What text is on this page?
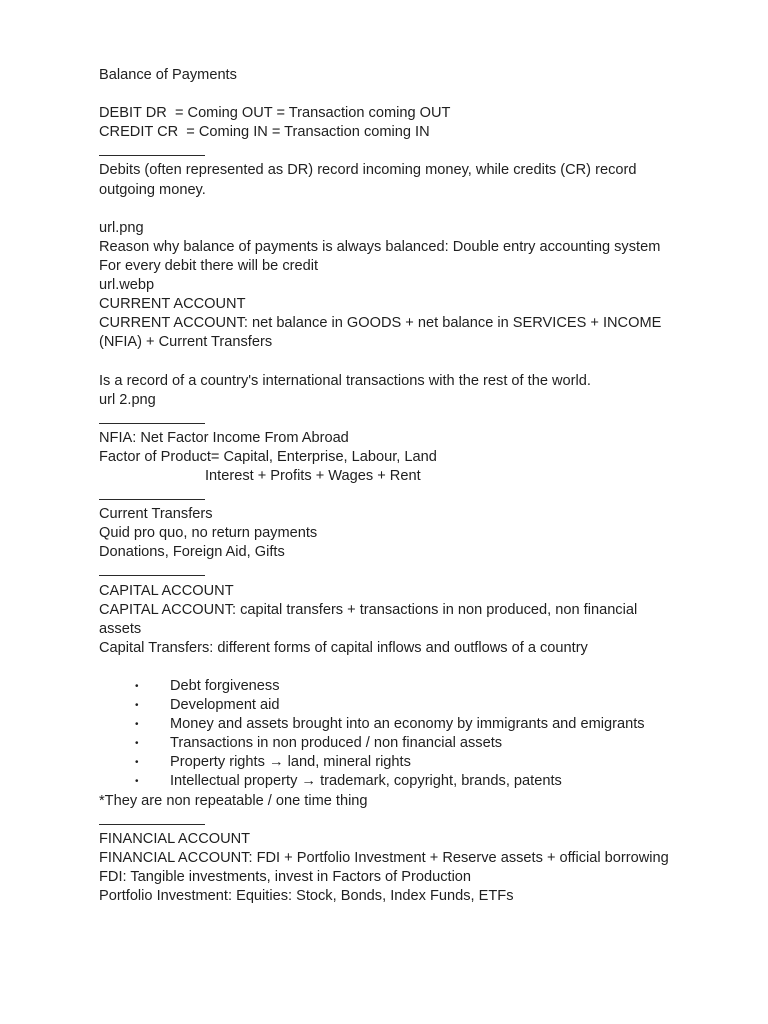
Balance of Payments
DEBIT DR  = Coming OUT = Transaction coming OUT
CREDIT CR  = Coming IN = Transaction coming IN
Debits (often represented as DR) record incoming money, while credits (CR) record outgoing money.
url.png
Reason why balance of payments is always balanced: Double entry accounting system
For every debit there will be credit
url.webp
CURRENT ACCOUNT
CURRENT ACCOUNT: net balance in GOODS + net balance in SERVICES + INCOME (NFIA) + Current Transfers
Is a record of a country's international transactions with the rest of the world.
url 2.png
NFIA: Net Factor Income From Abroad
Factor of Product= Capital, Enterprise, Labour, Land
Interest + Profits + Wages + Rent
Current Transfers
Quid pro quo, no return payments
Donations, Foreign Aid, Gifts
CAPITAL ACCOUNT
CAPITAL ACCOUNT: capital transfers + transactions in non produced, non financial assets
Capital Transfers: different forms of capital inflows and outflows of a country
• Debt forgiveness
• Development aid
• Money and assets brought into an economy by immigrants and emigrants
• Transactions in non produced / non financial assets
• Property rights → land, mineral rights
• Intellectual property → trademark, copyright, brands, patents
*They are non repeatable / one time thing
FINANCIAL ACCOUNT
FINANCIAL ACCOUNT: FDI + Portfolio Investment + Reserve assets + official borrowing
FDI: Tangible investments, invest in Factors of Production
Portfolio Investment: Equities: Stock, Bonds, Index Funds, ETFs
